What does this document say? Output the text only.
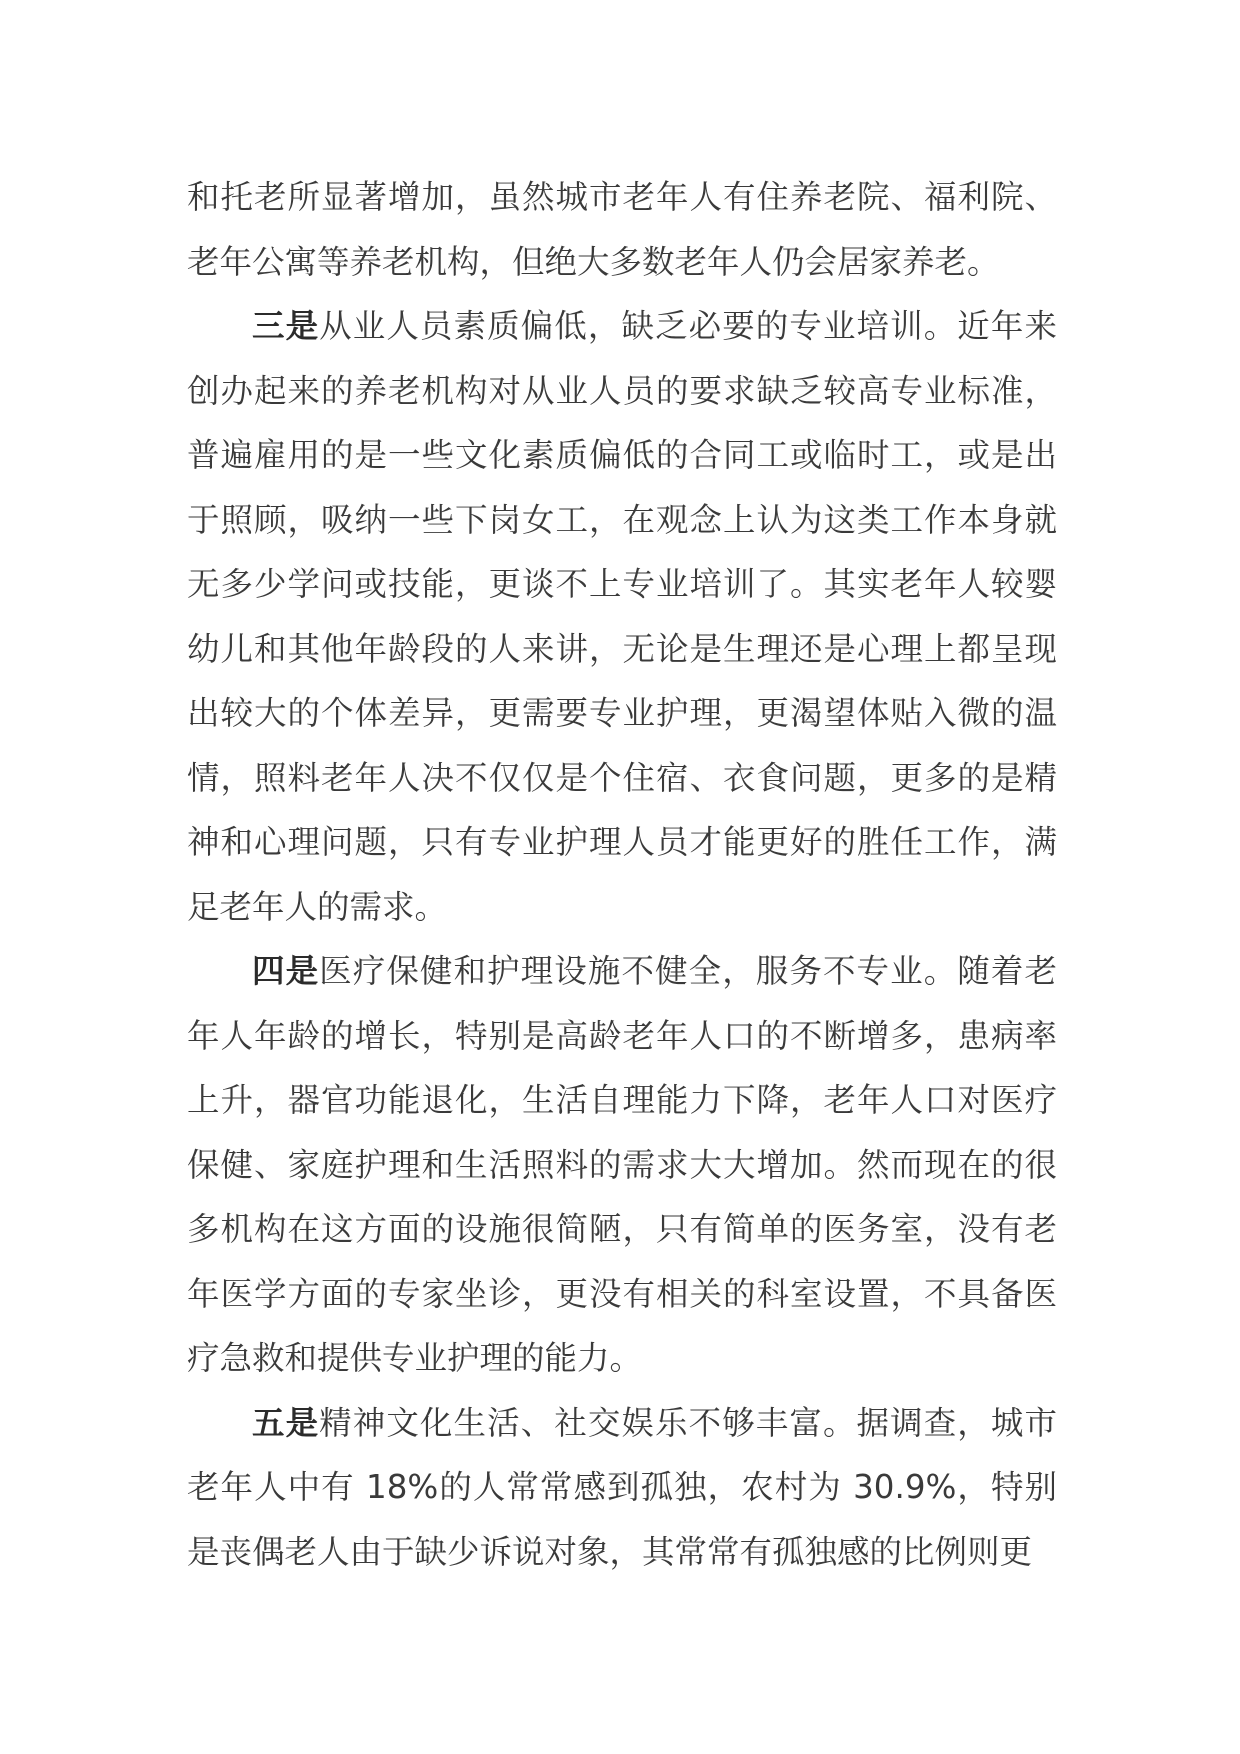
和托老所显著增加，虽然城市老年人有住养老院、福利院、老年公寓等养老机构，但绝大多数老年人仍会居家养老。

三是从业人员素质偏低，缺乏必要的专业培训。近年来创办起来的养老机构对从业人员的要求缺乏较高专业标准，普遍雇用的是一些文化素质偏低的合同工或临时工，或是出于照顾，吸纳一些下岗女工，在观念上认为这类工作本身就无多少学问或技能，更谈不上专业培训了。其实老年人较婴幼儿和其他年龄段的人来讲，无论是生理还是心理上都呈现出较大的个体差异，更需要专业护理，更渴望体贴入微的温情，照料老年人决不仅仅是个住宿、衣食问题，更多的是精神和心理问题，只有专业护理人员才能更好的胜任工作，满足老年人的需求。

四是医疗保健和护理设施不健全，服务不专业。随着老年人年龄的增长，特别是高龄老年人口的不断增多，患病率上升，器官功能退化，生活自理能力下降，老年人口对医疗保健、家庭护理和生活照料的需求大大增加。然而现在的很多机构在这方面的设施很简陋，只有简单的医务室，没有老年医学方面的专家坐诊，更没有相关的科室设置，不具备医疗急救和提供专业护理的能力。

五是精神文化生活、社交娱乐不够丰富。据调查，城市老年人中有 18%的人常常感到孤独，农村为 30.9%，特别是丧偶老人由于缺少诉说对象，其常常有孤独感的比例则更
